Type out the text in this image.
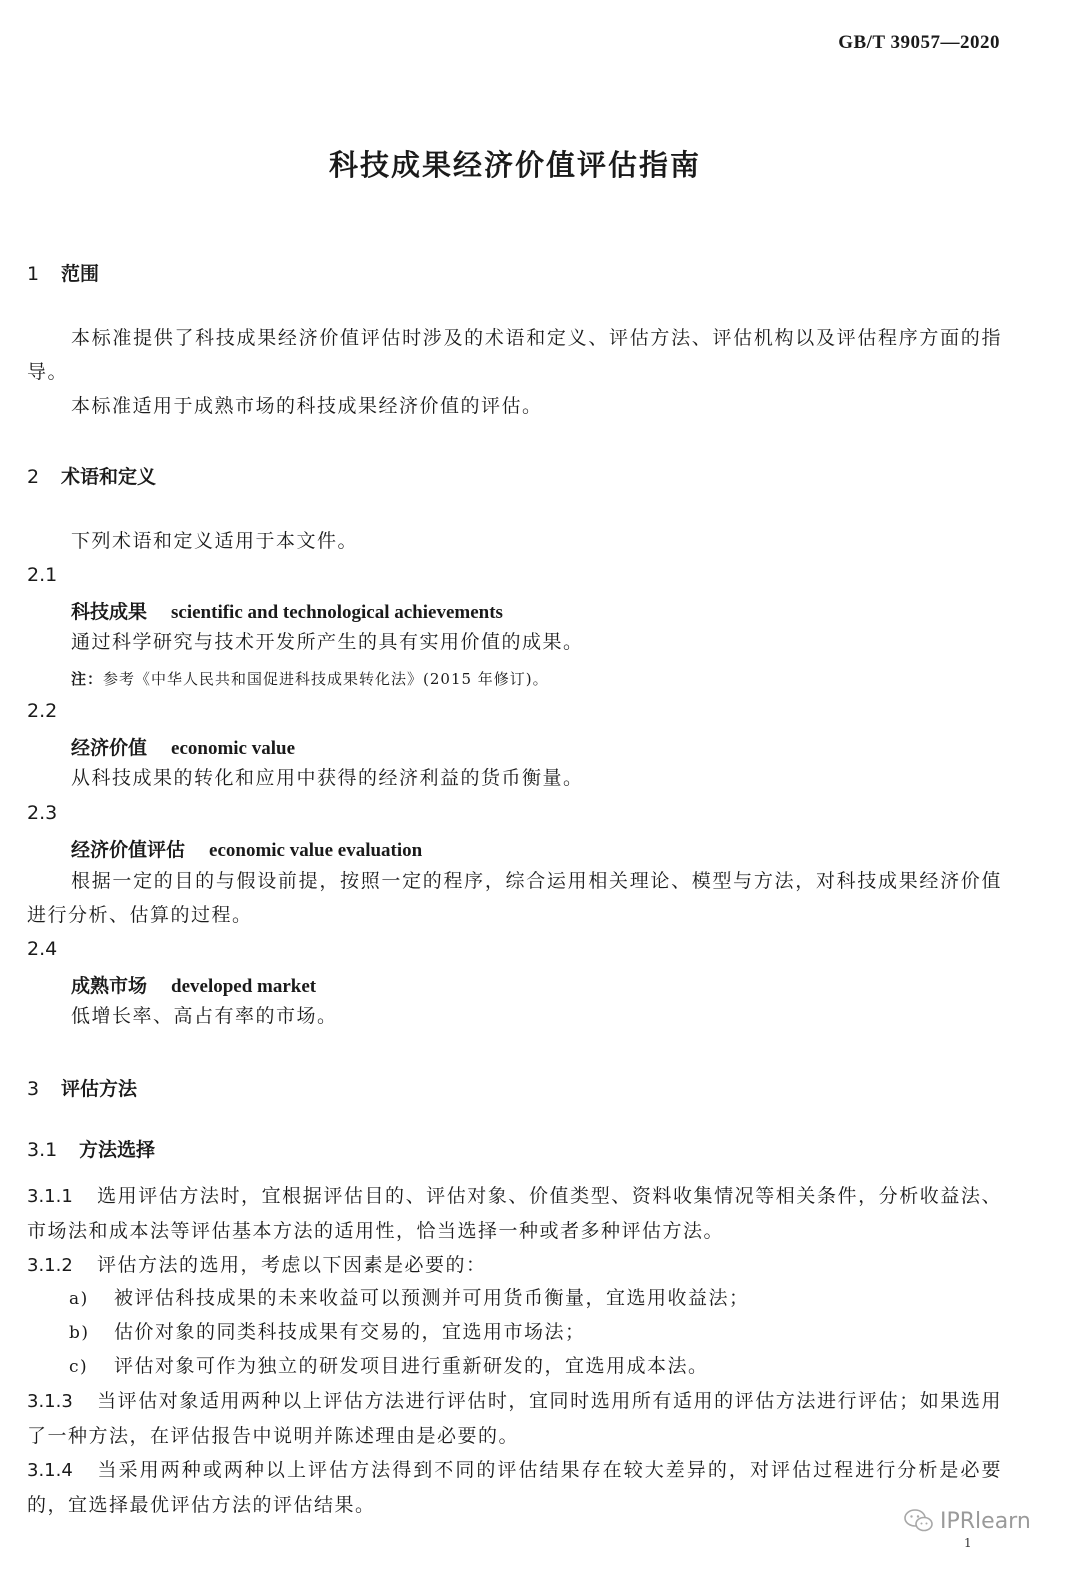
GB/T 39057—2020
科技成果经济价值评估指南
1 范围
本标准提供了科技成果经济价值评估时涉及的术语和定义、评估方法、评估机构以及评估程序方面的指导。
本标准适用于成熟市场的科技成果经济价值的评估。
2 术语和定义
下列术语和定义适用于本文件。
2.1
科技成果 scientific and technological achievements
通过科学研究与技术开发所产生的具有实用价值的成果。
注：参考《中华人民共和国促进科技成果转化法》(2015 年修订)。
2.2
经济价值 economic value
从科技成果的转化和应用中获得的经济利益的货币衡量。
2.3
经济价值评估 economic value evaluation
根据一定的目的与假设前提，按照一定的程序，综合运用相关理论、模型与方法，对科技成果经济价值进行分析、估算的过程。
2.4
成熟市场 developed market
低增长率、高占有率的市场。
3 评估方法
3.1 方法选择
3.1.1 选用评估方法时，宜根据评估目的、评估对象、价值类型、资料收集情况等相关条件，分析收益法、市场法和成本法等评估基本方法的适用性，恰当选择一种或者多种评估方法。
3.1.2 评估方法的选用，考虑以下因素是必要的：
a) 被评估科技成果的未来收益可以预测并可用货币衡量，宜选用收益法；
b) 估价对象的同类科技成果有交易的，宜选用市场法；
c) 评估对象可作为独立的研发项目进行重新研发的，宜选用成本法。
3.1.3 当评估对象适用两种以上评估方法进行评估时，宜同时选用所有适用的评估方法进行评估；如果选用了一种方法，在评估报告中说明并陈述理由是必要的。
3.1.4 当采用两种或两种以上评估方法得到不同的评估结果存在较大差异的，对评估过程进行分析是必要的，宜选择最优评估方法的评估结果。
IPRlearn
1
